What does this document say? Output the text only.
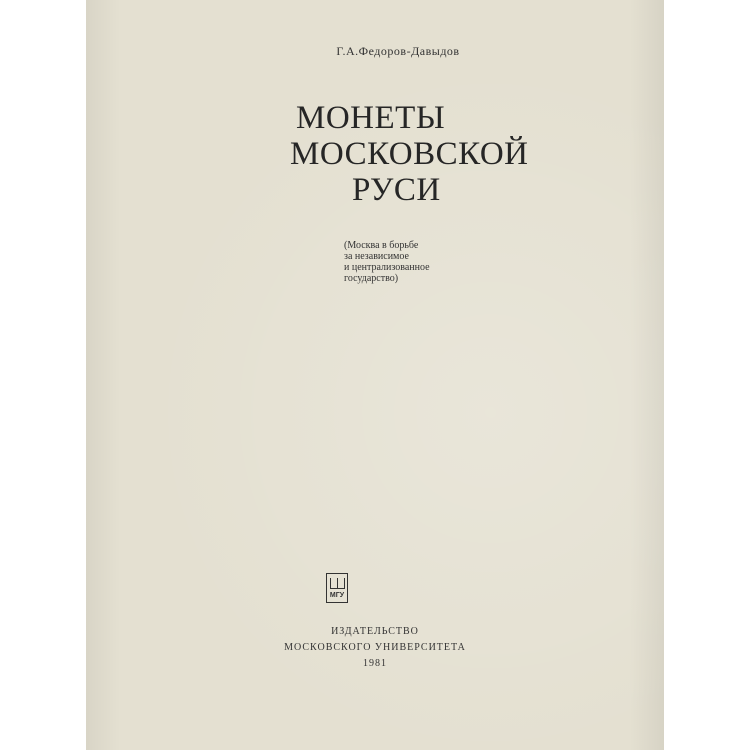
Г.А.Федоров-Давыдов
МОНЕТЫ
МОСКОВСКОЙ
РУСИ
(Москва в борьбе
за независимое
и централизованное
государство)
МГУ
ИЗДАТЕЛЬСТВО
МОСКОВСКОГО УНИВЕРСИТЕТА
1981
